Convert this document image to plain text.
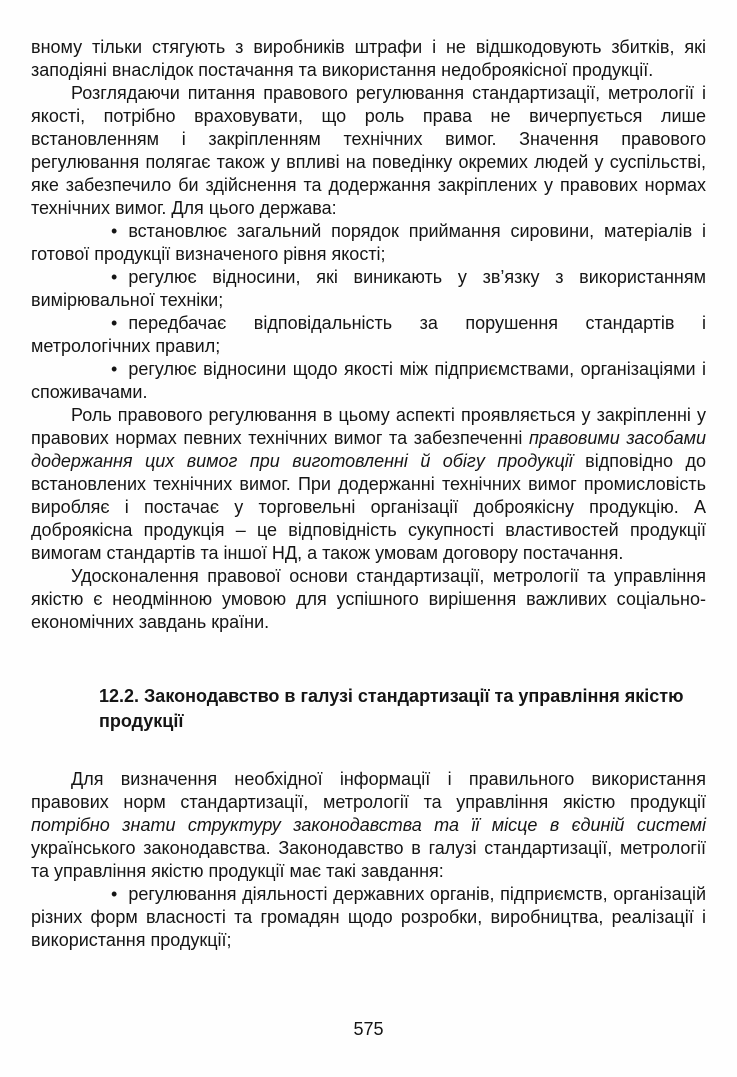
вному тільки стягують з виробників штрафи і не відшкодовують збитків, які заподіяні внаслідок постачання та використання недоброякісної продукції.

Розглядаючи питання правового регулювання стандартизації, метрології і якості, потрібно враховувати, що роль права не вичерпується лише встановленням і закріпленням технічних вимог. Значення правового регулювання полягає також у впливі на поведінку окремих людей у суспільстві, яке забезпечило би здійснення та додержання закріплених у правових нормах технічних вимог. Для цього держава:

• встановлює загальний порядок приймання сировини, матеріалів і готової продукції визначеного рівня якості;

• регулює відносини, які виникають у зв’язку з використанням вимірювальної техніки;

• передбачає відповідальність за порушення стандартів і метрологічних правил;

• регулює відносини щодо якості між підприємствами, організаціями і споживачами.

Роль правового регулювання в цьому аспекті проявляється у закріпленні у правових нормах певних технічних вимог та забезпеченні правовими засобами додержання цих вимог при виготовленні й обігу продукції відповідно до встановлених технічних вимог. При додержанні технічних вимог промисловість виробляє і постачає у торговельні організації доброякісну продукцію. А доброякісна продукція – це відповідність сукупності властивостей продукції вимогам стандартів та іншої НД, а також умовам договору постачання.

Удосконалення правової основи стандартизації, метрології та управління якістю є неодмінною умовою для успішного вирішення важливих соціально-економічних завдань країни.

12.2. Законодавство в галузі стандартизації та управління якістю продукції

Для визначення необхідної інформації і правильного використання правових норм стандартизації, метрології та управління якістю продукції потрібно знати структуру законодавства та її місце в єдиній системі українського законодавства. Законодавство в галузі стандартизації, метрології та управління якістю продукції має такі завдання:

• регулювання діяльності державних органів, підприємств, організацій різних форм власності та громадян щодо розробки, виробництва, реалізації і використання продукції;

575
